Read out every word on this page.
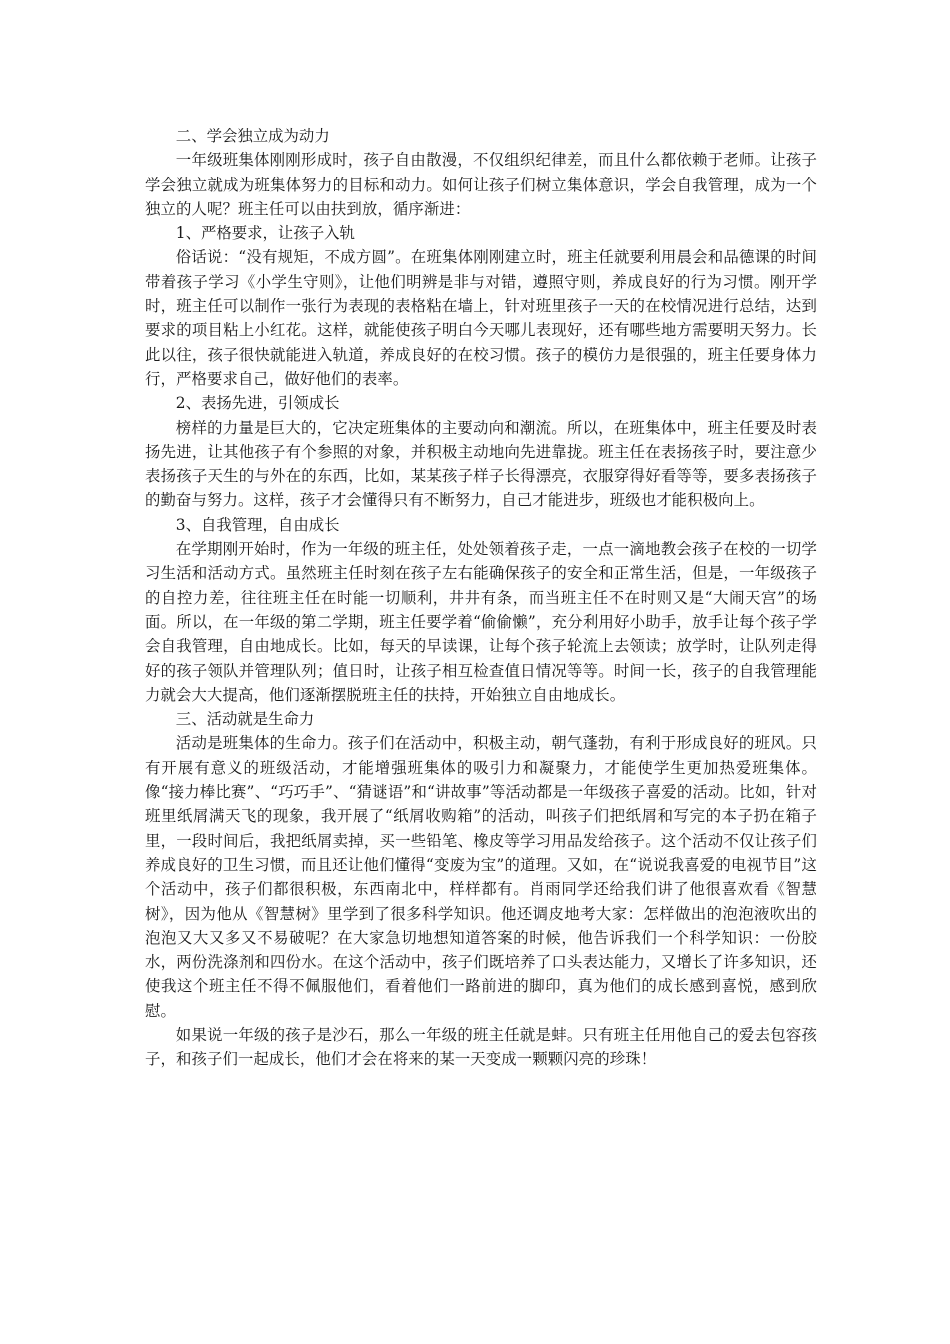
二、学会独立成为动力

一年级班集体刚刚形成时，孩子自由散漫，不仅组织纪律差，而且什么都依赖于老师。让孩子学会独立就成为班集体努力的目标和动力。如何让孩子们树立集体意识，学会自我管理，成为一个独立的人呢？班主任可以由扶到放，循序渐进：

1、严格要求，让孩子入轨

俗话说：“没有规矩，不成方圆”。在班集体刚刚建立时，班主任就要利用晨会和品德课的时间带着孩子学习《小学生守则》，让他们明辨是非与对错，遵照守则，养成良好的行为习惯。刚开学时，班主任可以制作一张行为表现的表格粘在墙上，针对班里孩子一天的在校情况进行总结，达到要求的项目粘上小红花。这样，就能使孩子明白今天哪儿表现好，还有哪些地方需要明天努力。长此以往，孩子很快就能进入轨道，养成良好的在校习惯。孩子的模仿力是很强的，班主任要身体力行，严格要求自己，做好他们的表率。

2、表扬先进，引领成长

榜样的力量是巨大的，它决定班集体的主要动向和潮流。所以，在班集体中，班主任要及时表扬先进，让其他孩子有个参照的对象，并积极主动地向先进靠拢。班主任在表扬孩子时，要注意少表扬孩子天生的与外在的东西，比如，某某孩子样子长得漂亮，衣服穿得好看等等，要多表扬孩子的勤奋与努力。这样，孩子才会懂得只有不断努力，自己才能进步，班级也才能积极向上。

3、自我管理，自由成长

在学期刚开始时，作为一年级的班主任，处处领着孩子走，一点一滴地教会孩子在校的一切学习生活和活动方式。虽然班主任时刻在孩子左右能确保孩子的安全和正常生活，但是，一年级孩子的自控力差，往往班主任在时能一切顺利，井井有条，而当班主任不在时则又是“大闹天宫”的场面。所以，在一年级的第二学期，班主任要学着“偷偷懒”，充分利用好小助手，放手让每个孩子学会自我管理，自由地成长。比如，每天的早读课，让每个孩子轮流上去领读；放学时，让队列走得好的孩子领队并管理队列；值日时，让孩子相互检查值日情况等等。时间一长，孩子的自我管理能力就会大大提高，他们逐渐摆脱班主任的扶持，开始独立自由地成长。

三、活动就是生命力

活动是班集体的生命力。孩子们在活动中，积极主动，朝气蓬勃，有利于形成良好的班风。只有开展有意义的班级活动，才能增强班集体的吸引力和凝聚力，才能使学生更加热爱班集体。像“接力棒比赛”、“巧巧手”、“猜谜语”和“讲故事”等活动都是一年级孩子喜爱的活动。比如，针对班里纸屑满天飞的现象，我开展了“纸屑收购箱”的活动，叫孩子们把纸屑和写完的本子扔在箱子里，一段时间后，我把纸屑卖掉，买一些铅笔、橡皮等学习用品发给孩子。这个活动不仅让孩子们养成良好的卫生习惯，而且还让他们懂得“变废为宝”的道理。又如，在“说说我喜爱的电视节目”这个活动中，孩子们都很积极，东西南北中，样样都有。肖雨同学还给我们讲了他很喜欢看《智慧树》，因为他从《智慧树》里学到了很多科学知识。他还调皮地考大家：怎样做出的泡泡液吹出的泡泡又大又多又不易破呢？在大家急切地想知道答案的时候，他告诉我们一个科学知识：一份胶水，两份洗涤剂和四份水。在这个活动中，孩子们既培养了口头表达能力，又增长了许多知识，还使我这个班主任不得不佩服他们，看着他们一路前进的脚印，真为他们的成长感到喜悦，感到欣慰。

如果说一年级的孩子是沙石，那么一年级的班主任就是蚌。只有班主任用他自己的爱去包容孩子，和孩子们一起成长，他们才会在将来的某一天变成一颗颗闪亮的珍珠！
